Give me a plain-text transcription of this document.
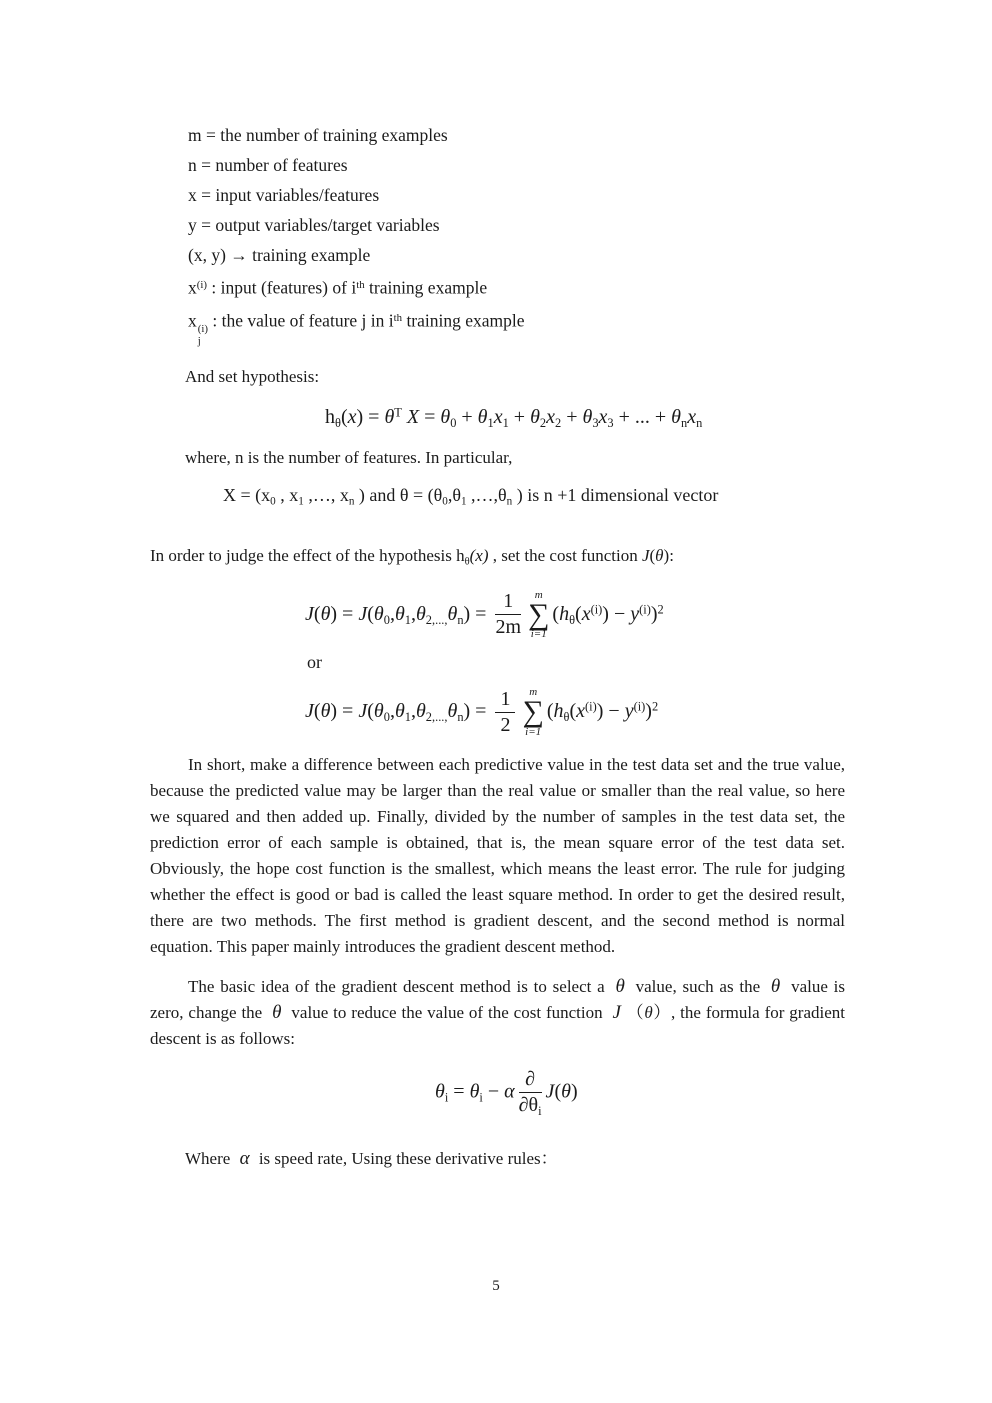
m = the number of training examples
n = number of features
x = input variables/features
y = output variables/target variables
(x, y) → training example
$x^{(i)}$ : input (features) of $i^{th}$ training example
x (i)
j
: the value of feature j in $i^{th}$ training example
And set hypothesis:
$h\theta(x) = \theta^T$ X = θ0 + θ1x1 + θ2x2 + θ3x3 + ... + θnxn
where, n is the number of features. In particular,
X = (x0 , x1 ,…, xn ) and θ = (θ0,θ1 ,…,θn ) is n +1 dimensional vector
In order to judge the effect of the hypothesis hθ(x) , set the cost function J(θ):
$J(\theta) = J(\theta 0,\theta 1,\theta 2,...,\theta n) = \frac{1}{2m}$ m
∑
i=1
$(h\theta(x^{(i)}) - y^{(i)})^2$
or
$J(\theta) = J(\theta 0,\theta 1,\theta 2,...,\theta n) = \frac{1}{2}$ m
∑
i=1
$(h\theta(x^{(i)}) - y^{(i)})^2$
In short, make a difference between each predictive value in the test data set and the true value, because the predicted value may be larger than the real value or smaller than the real value, so here we squared and then added up. Finally, divided by the number of samples in the test data set, the prediction error of each sample is obtained, that is, the mean square error of the test data set. Obviously, the hope cost function is the smallest, which means the least error. The rule for judging whether the effect is good or bad is called the least square method. In order to get the desired result, there are two methods. The first method is gradient descent, and the second method is normal equation. This paper mainly introduces the gradient descent method.
The basic idea of the gradient descent method is to select a θ value, such as the θ value is zero, change the θ value to reduce the value of the cost function J （θ）, the formula for gradient descent is as follows:
θi = θi − α $\frac{\partial}{\partial\theta i} J(\theta)$
Where α is speed rate, Using these derivative rules：
5
